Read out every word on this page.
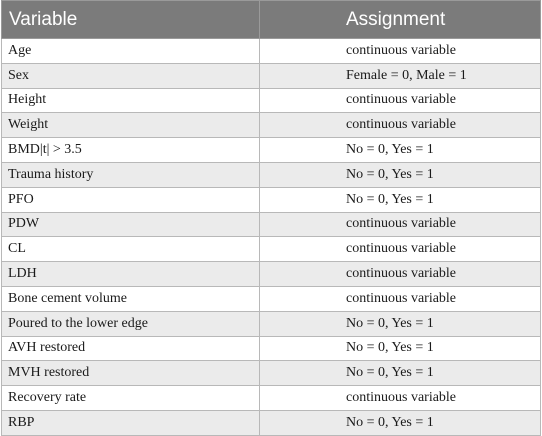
Variable	Assignment
Age	continuous variable
Sex	Female = 0, Male = 1
Height	continuous variable
Weight	continuous variable
BMD|t| > 3.5	No = 0, Yes = 1
Trauma history	No = 0, Yes = 1
PFO	No = 0, Yes = 1
PDW	continuous variable
CL	continuous variable
LDH	continuous variable
Bone cement volume	continuous variable
Poured to the lower edge	No = 0, Yes = 1
AVH restored	No = 0, Yes = 1
MVH restored	No = 0, Yes = 1
Recovery rate	continuous variable
RBP	No = 0, Yes = 1
